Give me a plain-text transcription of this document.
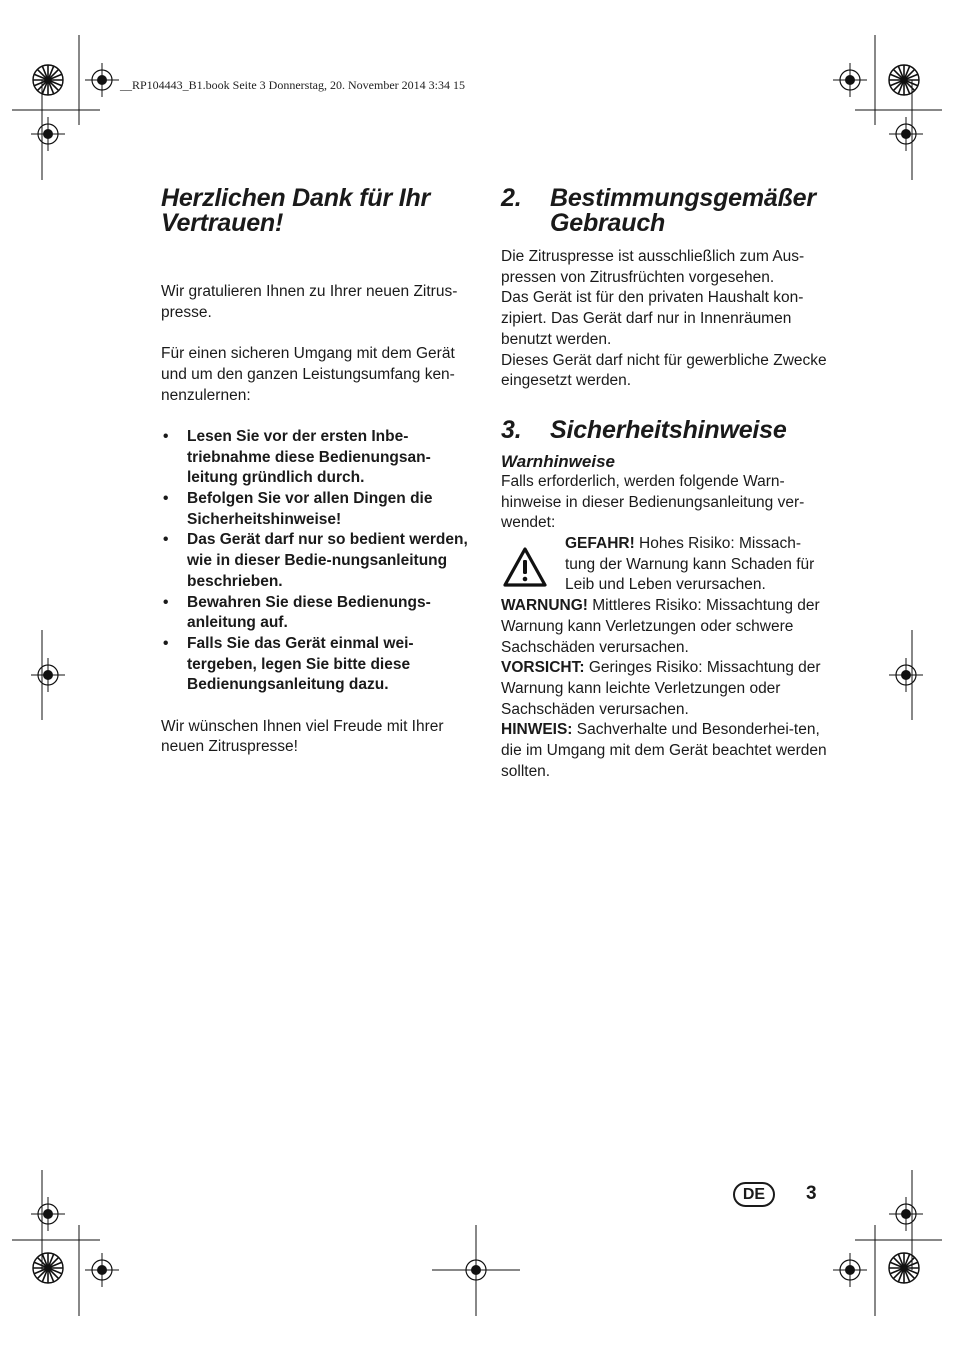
__RP104443_B1.book Seite 3 Donnerstag, 20. November 2014 3:34 15
Herzlichen Dank für Ihr Vertrauen!

Wir gratulieren Ihnen zu Ihrer neuen Zitrus-presse.

Für einen sicheren Umgang mit dem Gerät und um den ganzen Leistungsumfang ken-nenzulernen:

• Lesen Sie vor der ersten Inbe-triebnahme diese Bedienungsan-leitung gründlich durch.
• Befolgen Sie vor allen Dingen die Sicherheitshinweise!
• Das Gerät darf nur so bedient werden, wie in dieser Bedie-nungsanleitung beschrieben.
• Bewahren Sie diese Bedienungs-anleitung auf.
• Falls Sie das Gerät einmal wei-tergeben, legen Sie bitte diese Bedienungsanleitung dazu.

Wir wünschen Ihnen viel Freude mit Ihrer neuen Zitruspresse!

2.	Bestimmungsgemäßer Gebrauch

Die Zitruspresse ist ausschließlich zum Aus-pressen von Zitrusfrüchten vorgesehen.

Das Gerät ist für den privaten Haushalt kon-zipiert. Das Gerät darf nur in Innenräumen benutzt werden.

Dieses Gerät darf nicht für gewerbliche Zwecke eingesetzt werden.

3.	Sicherheitshinweise
Warnhinweise

Falls erforderlich, werden folgende Warn-hinweise in dieser Bedienungsanleitung ver-wendet:

GEFAHR! Hohes Risiko: Missach-tung der Warnung kann Schaden für Leib und Leben verursachen.

WARNUNG! Mittleres Risiko: Missachtung der Warnung kann Verletzungen oder schwere Sachschäden verursachen.

VORSICHT: Geringes Risiko: Missachtung der Warnung kann leichte Verletzungen oder Sachschäden verursachen.

HINWEIS: Sachverhalte und Besonderhei-ten, die im Umgang mit dem Gerät beachtet werden sollten.

DE	3
